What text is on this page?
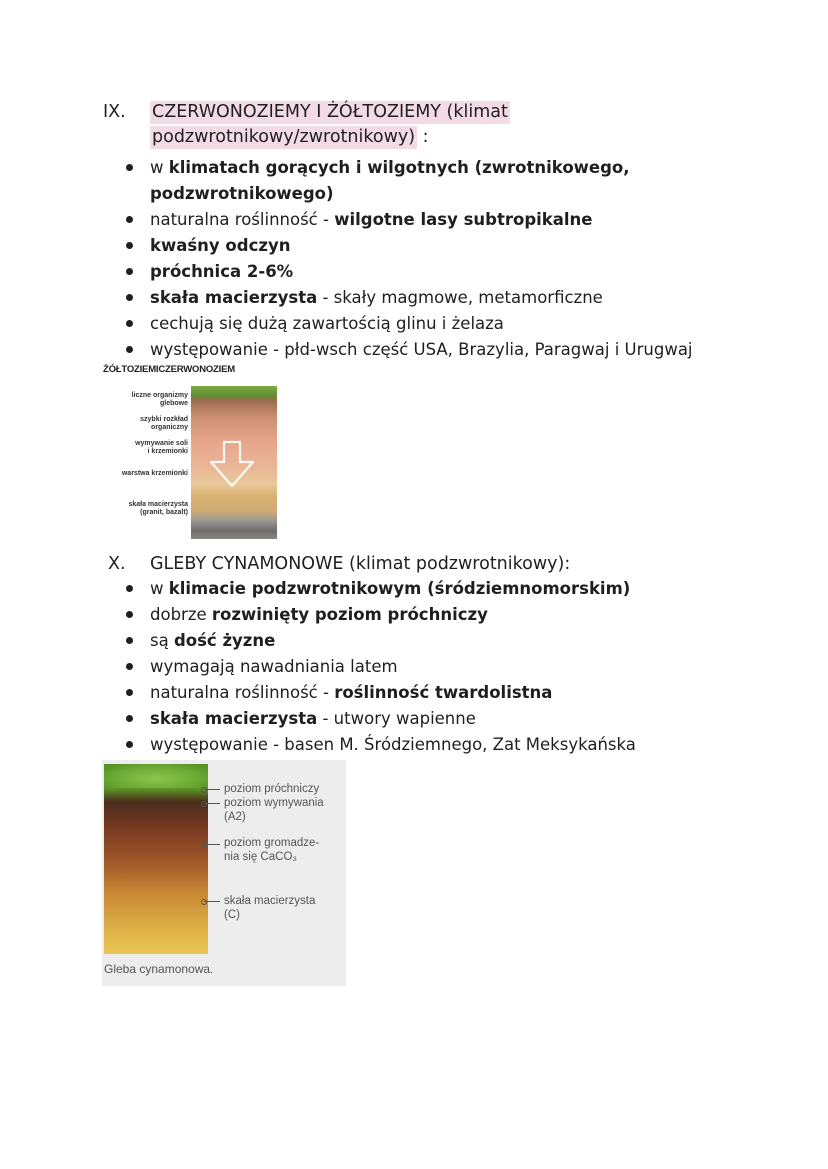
IX. CZERWONOZIEMY I ŻÓŁTOZIEMY (klimat
podzwrotnikowy/zwrotnikowy) :
w klimatach gorących i wilgotnych (zwrotnikowego,
podzwrotnikowego)
naturalna roślinność - wilgotne lasy subtropikalne
kwaśny odczyn
próchnica 2-6%
skała macierzysta - skały magmowe, metamorficzne
cechują się dużą zawartością glinu i żelaza
występowanie - płd-wsch część USA, Brazylia, Paragwaj i Urugwaj
ŻÓŁTOZIEMICZERWONOZIEM
liczne organizmy
glebowe
szybki rozkład
organiczny
wymywanie soli
i krzemionki
warstwa krzemionki
skała macierzysta
(granit, bazalt)
X. GLEBY CYNAMONOWE (klimat podzwrotnikowy):
w klimacie podzwrotnikowym (śródziemnomorskim)
dobrze rozwinięty poziom próchniczy
są dość żyzne
wymagają nawadniania latem
naturalna roślinność - roślinność twardolistna
skała macierzysta - utwory wapienne
występowanie - basen M. Śródziemnego, Zat Meksykańska
poziom próchniczy
poziom wymywania
(A2)
poziom gromadze-
nia się CaCO₃
skała macierzysta
(C)
Gleba cynamonowa.
